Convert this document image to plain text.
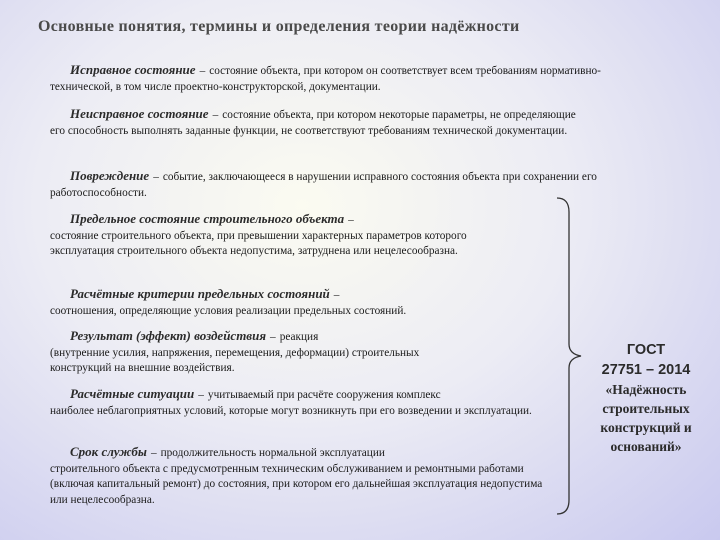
Основные понятия, термины и определения теории надёжности
Исправное состояние – состояние объекта, при котором он соответствует всем требованиям нормативно-технической, в том числе проектно-конструкторской, документации.
Неисправное состояние – состояние объекта, при котором некоторые параметры, не определяющие его способность выполнять заданные функции, не соответствуют требованиям технической документации.
Повреждение – событие, заключающееся в нарушении исправного состояния объекта при сохранении его работоспособности.
Предельное состояние строительного объекта –
состояние строительного объекта, при превышении характерных параметров которого эксплуатация строительного объекта недопустима, затруднена или нецелесообразна.
Расчётные критерии предельных состояний –
соотношения, определяющие условия реализации предельных состояний.
Результат (эффект) воздействия – реакция
(внутренние усилия, напряжения, перемещения, деформации) строительных конструкций на внешние воздействия.
Расчётные ситуации – учитываемый при расчёте сооружения комплекс
наиболее неблагоприятных условий, которые могут возникнуть при его возведении и эксплуатации.
Срок службы – продолжительность нормальной эксплуатации
строительного объекта с предусмотренным техническим обслуживанием и ремонтными работами (включая капитальный ремонт) до состояния, при котором его дальнейшая эксплуатация недопустима или нецелесообразна.
ГОСТ
27751 – 2014
«Надёжность строительных конструкций и оснований»
